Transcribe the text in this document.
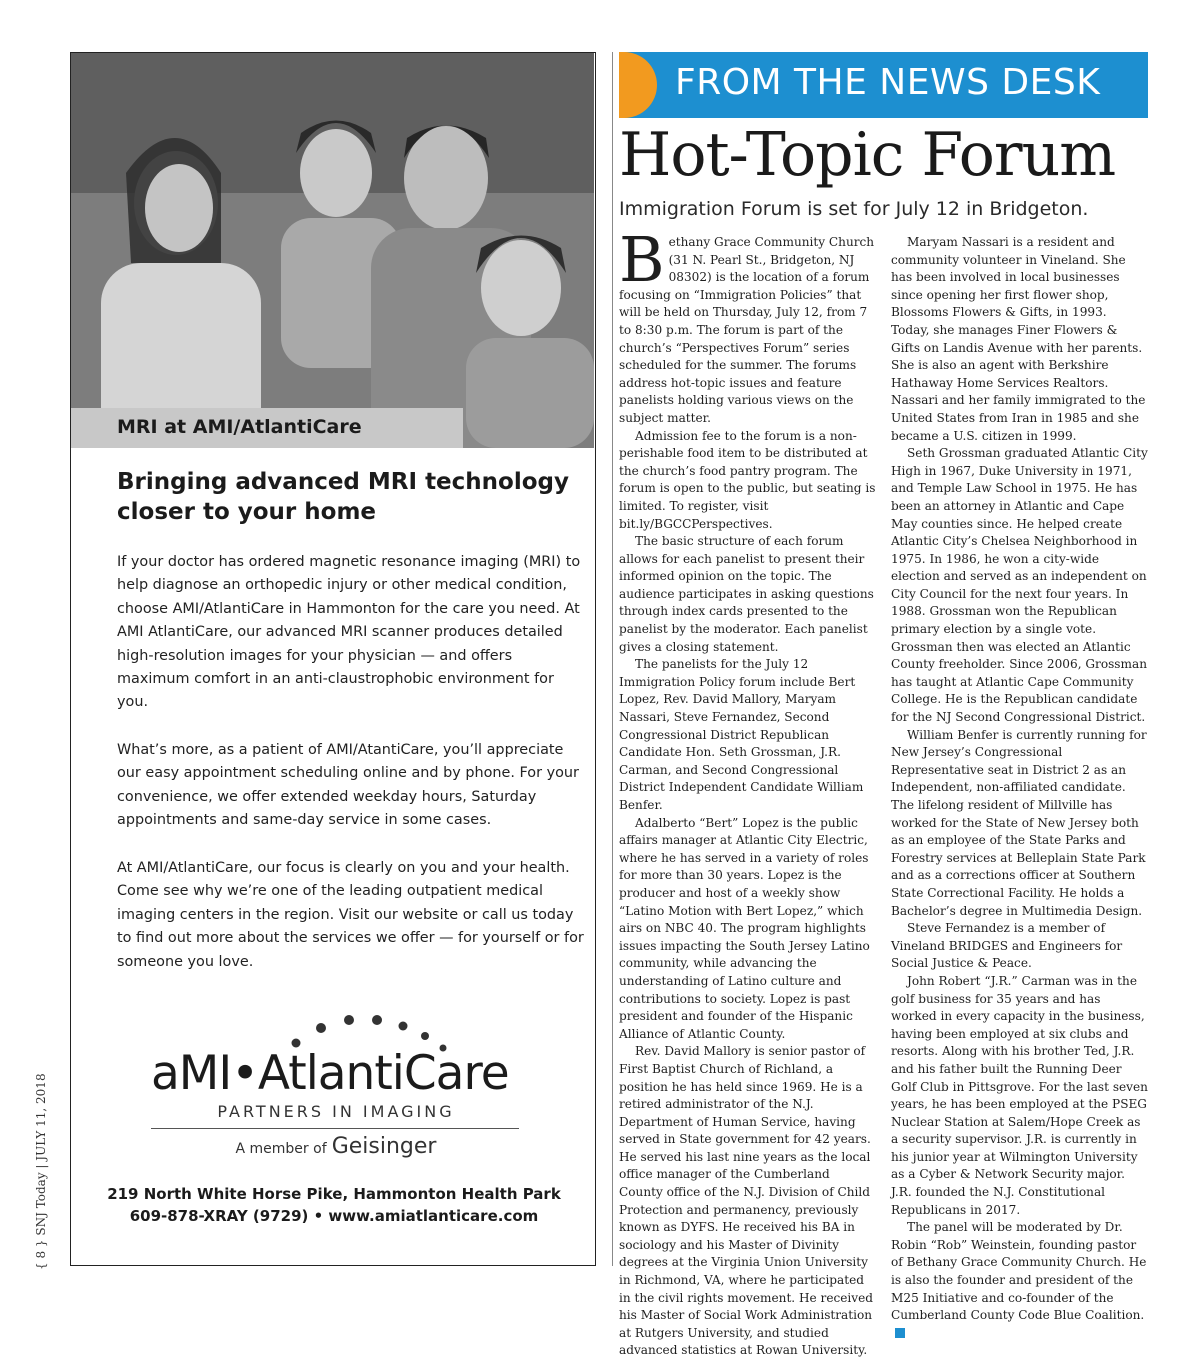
MRI at AMI/AtlantiCare
Bringing advanced MRI technology closer to your home
If your doctor has ordered magnetic resonance imaging (MRI) to help diagnose an orthopedic injury or other medical condition, choose AMI/AtlantiCare in Hammonton for the care you need. At AMI AtlantiCare, our advanced MRI scanner produces detailed high-resolution images for your physician — and offers maximum comfort in an anti-claustrophobic environment for you.
What’s more, as a patient of AMI/AtantiCare, you’ll appreciate our easy appointment scheduling online and by phone. For your convenience, we offer extended weekday hours, Saturday appointments and same-day service in some cases.
At AMI/AtlantiCare, our focus is clearly on you and your health. Come see why we’re one of the leading outpatient medical imaging centers in the region. Visit our website or call us today to find out more about the services we offer — for yourself or for someone you love.
aMI•AtlantiCare
PARTNERS IN IMAGING
A member of Geisinger
219 North White Horse Pike, Hammonton Health Park
609-878-XRAY (9729) • www.amiatlanticare.com
{ 8 } SNJ Today | JULY 11, 2018
FROM THE NEWS DESK
Hot-Topic Forum
Immigration Forum is set for July 12 in Bridgeton.

Bethany Grace Community Church (31 N. Pearl St., Bridgeton, NJ 08302) is the location of a forum focusing on “Immigration Policies” that will be held on Thursday, July 12, from 7 to 8:30 p.m. The forum is part of the church’s “Perspectives Forum” series scheduled for the summer. The forums address hot-topic issues and feature panelists holding various views on the subject matter.

Admission fee to the forum is a non-perishable food item to be distributed at the church’s food pantry program. The forum is open to the public, but seating is limited. To register, visit bit.ly/BGCCPerspectives.

The basic structure of each forum allows for each panelist to present their informed opinion on the topic. The audience participates in asking questions through index cards presented to the panelist by the moderator. Each panelist gives a closing statement.

The panelists for the July 12 Immigration Policy forum include Bert Lopez, Rev. David Mallory, Maryam Nassari, Steve Fernandez, Second Congressional District Republican Candidate Hon. Seth Grossman, J.R. Carman, and Second Congressional District Independent Candidate William Benfer.

Adalberto “Bert” Lopez is the public affairs manager at Atlantic City Electric, where he has served in a variety of roles for more than 30 years. Lopez is the producer and host of a weekly show “Latino Motion with Bert Lopez,” which airs on NBC 40. The program highlights issues impacting the South Jersey Latino community, while advancing the understanding of Latino culture and contributions to society. Lopez is past president and founder of the Hispanic Alliance of Atlantic County.

Rev. David Mallory is senior pastor of First Baptist Church of Richland, a position he has held since 1969. He is a retired administrator of the N.J. Department of Human Service, having served in State government for 42 years. He served his last nine years as the local office manager of the Cumberland County office of the N.J. Division of Child Protection and permanency, previously known as DYFS. He received his BA in sociology and his Master of Divinity degrees at the Virginia Union University in Richmond, VA, where he participated in the civil rights movement. He received his Master of Social Work Administration at Rutgers University, and studied advanced statistics at Rowan University.

Maryam Nassari is a resident and community volunteer in Vineland. She has been involved in local businesses since opening her first flower shop, Blossoms Flowers & Gifts, in 1993. Today, she manages Finer Flowers & Gifts on Landis Avenue with her parents. She is also an agent with Berkshire Hathaway Home Services Realtors. Nassari and her family immigrated to the United States from Iran in 1985 and she became a U.S. citizen in 1999.

Seth Grossman graduated Atlantic City High in 1967, Duke University in 1971, and Temple Law School in 1975. He has been an attorney in Atlantic and Cape May counties since. He helped create Atlantic City’s Chelsea Neighborhood in 1975. In 1986, he won a city-wide election and served as an independent on City Council for the next four years. In 1988. Grossman won the Republican primary election by a single vote. Grossman then was elected an Atlantic County freeholder. Since 2006, Grossman has taught at Atlantic Cape Community College. He is the Republican candidate for the NJ Second Congressional District.

William Benfer is currently running for New Jersey’s Congressional Representative seat in District 2 as an Independent, non-affiliated candidate. The lifelong resident of Millville has worked for the State of New Jersey both as an employee of the State Parks and Forestry services at Belleplain State Park and as a corrections officer at Southern State Correctional Facility. He holds a Bachelor’s degree in Multimedia Design.

Steve Fernandez is a member of Vineland BRIDGES and Engineers for Social Justice & Peace.

John Robert “J.R.” Carman was in the golf business for 35 years and has worked in every capacity in the business, having been employed at six clubs and resorts. Along with his brother Ted, J.R. and his father built the Running Deer Golf Club in Pittsgrove. For the last seven years, he has been employed at the PSEG Nuclear Station at Salem/Hope Creek as a security supervisor. J.R. is currently in his junior year at Wilmington University as a Cyber & Network Security major. J.R. founded the N.J. Constitutional Republicans in 2017.

The panel will be moderated by Dr. Robin “Rob” Weinstein, founding pastor of Bethany Grace Community Church. He is also the founder and president of the M25 Initiative and co-founder of the Cumberland County Code Blue Coalition.
